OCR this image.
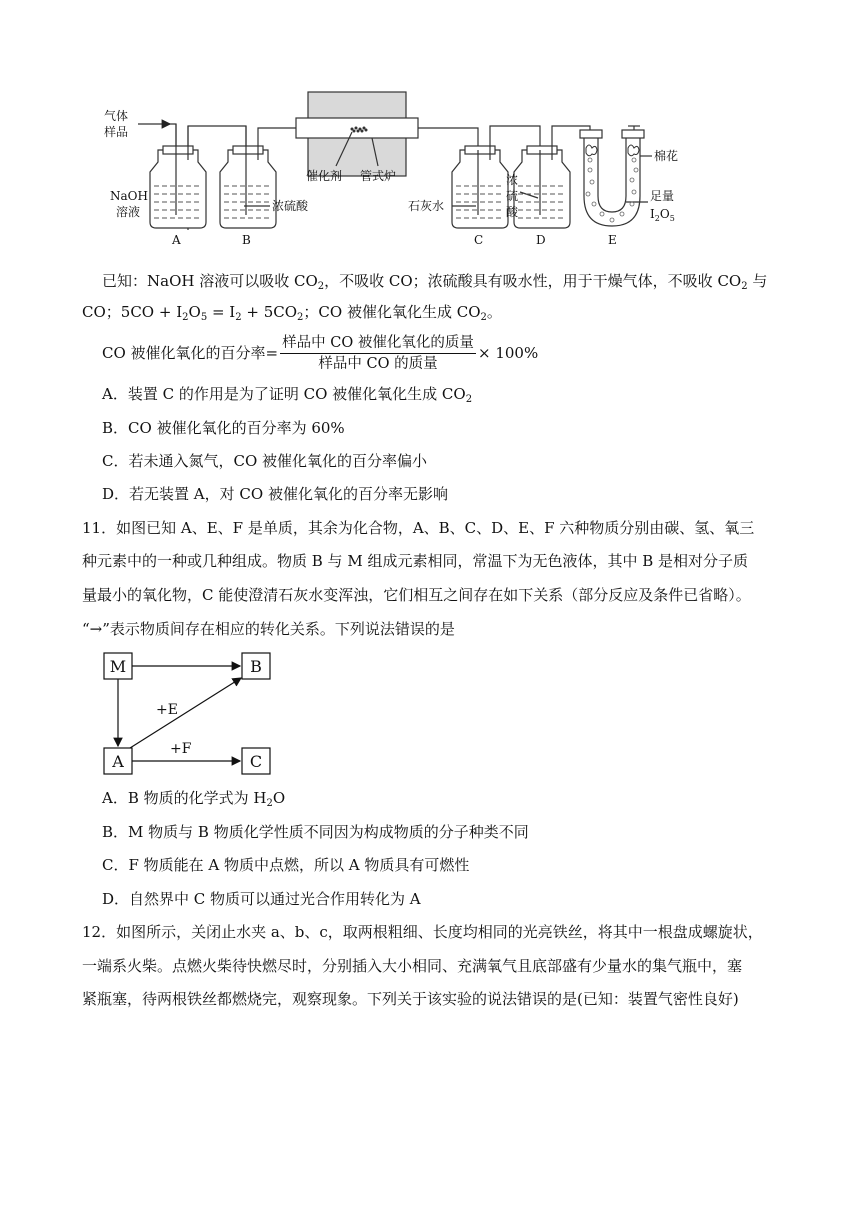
气体
样品
NaOH
溶液	浓硫酸
催化剂 管式炉
石灰水
浓
硫
酸
棉花
足量
$I_2O_5$
A	B	C	D	E
已知：NaOH 溶液可以吸收 $CO_2$，不吸收 CO；浓硫酸具有吸水性，用于干燥气体，不吸收 $CO_2$ 与
CO；$5CO + I_2O_5 = I_2 + 5CO_2$；CO 被催化氧化生成 $CO_2$。
CO 被催化氧化的百分率=
样品中 CO 被催化氧化的质量
样品中 CO 的质量
× 100%
A．装置 C 的作用是为了证明 CO 被催化氧化生成 $CO_2$
B．CO 被催化氧化的百分率为 60%
C．若未通入氮气，CO 被催化氧化的百分率偏小
D．若无装置 A，对 CO 被催化氧化的百分率无影响
11．如图已知 A、E、F 是单质，其余为化合物，A、B、C、D、E、F 六种物质分别由碳、氢、氧三
种元素中的一种或几种组成。物质 B 与 M 组成元素相同，常温下为无色液体，其中 B 是相对分子质
量最小的氧化物，C 能使澄清石灰水变浑浊，它们相互之间存在如下关系（部分反应及条件已省略）。
“→”表示物质间存在相应的转化关系。下列说法错误的是
M	B
A	C
+E
+F
A．B 物质的化学式为 $H_2O$
B．M 物质与 B 物质化学性质不同因为构成物质的分子种类不同
C．F 物质能在 A 物质中点燃，所以 A 物质具有可燃性
D．自然界中 C 物质可以通过光合作用转化为 A
12．如图所示，关闭止水夹 a、b、c，取两根粗细、长度均相同的光亮铁丝，将其中一根盘成螺旋状，
一端系火柴。点燃火柴待快燃尽时，分别插入大小相同、充满氧气且底部盛有少量水的集气瓶中，塞
紧瓶塞，待两根铁丝都燃烧完，观察现象。下列关于该实验的说法错误的是(已知：装置气密性良好)
